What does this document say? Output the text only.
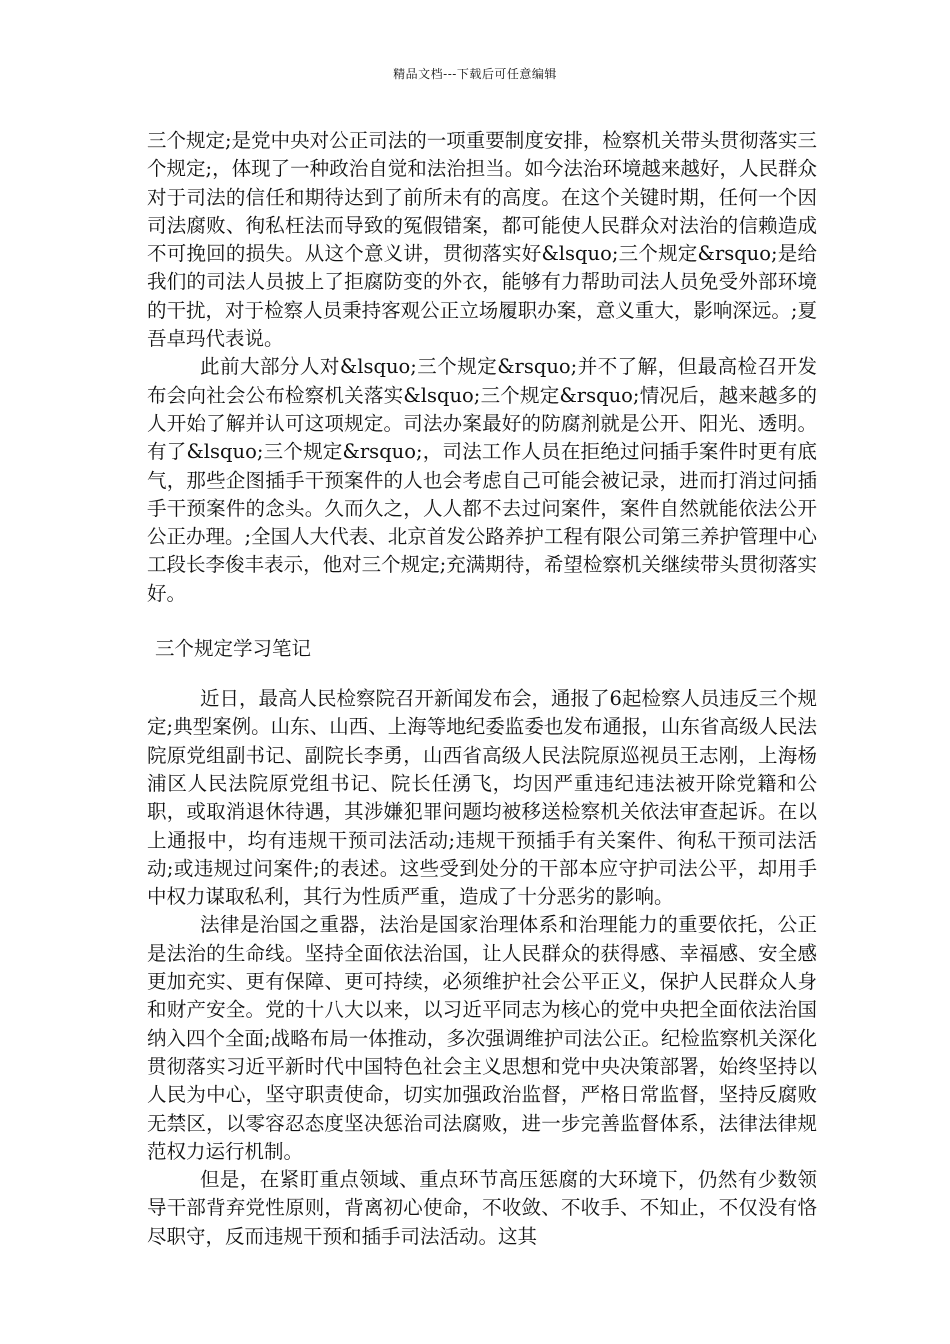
精品文档---下载后可任意编辑

三个规定;是党中央对公正司法的一项重要制度安排，检察机关带头贯彻落实三个规定;，体现了一种政治自觉和法治担当。如今法治环境越来越好，人民群众对于司法的信任和期待达到了前所未有的高度。在这个关键时期，任何一个因司法腐败、徇私枉法而导致的冤假错案，都可能使人民群众对法治的信赖造成不可挽回的损失。从这个意义讲，贯彻落实好&lsquo;三个规定&rsquo;是给我们的司法人员披上了拒腐防变的外衣，能够有力帮助司法人员免受外部环境的干扰，对于检察人员秉持客观公正立场履职办案，意义重大，影响深远。;夏吾卓玛代表说。

此前大部分人对&lsquo;三个规定&rsquo;并不了解，但最高检召开发布会向社会公布检察机关落实&lsquo;三个规定&rsquo;情况后，越来越多的人开始了解并认可这项规定。司法办案最好的防腐剂就是公开、阳光、透明。有了&lsquo;三个规定&rsquo;，司法工作人员在拒绝过问插手案件时更有底气，那些企图插手干预案件的人也会考虑自己可能会被记录，进而打消过问插手干预案件的念头。久而久之，人人都不去过问案件，案件自然就能依法公开公正办理。;全国人大代表、北京首发公路养护工程有限公司第三养护管理中心工段长李俊丰表示，他对三个规定;充满期待，希望检察机关继续带头贯彻落实好。

三个规定学习笔记

近日，最高人民检察院召开新闻发布会，通报了6起检察人员违反三个规定;典型案例。山东、山西、上海等地纪委监委也发布通报，山东省高级人民法院原党组副书记、副院长李勇，山西省高级人民法院原巡视员王志刚，上海杨浦区人民法院原党组书记、院长任湧飞，均因严重违纪违法被开除党籍和公职，或取消退休待遇，其涉嫌犯罪问题均被移送检察机关依法审查起诉。在以上通报中，均有违规干预司法活动;违规干预插手有关案件、徇私干预司法活动;或违规过问案件;的表述。这些受到处分的干部本应守护司法公平，却用手中权力谋取私利，其行为性质严重，造成了十分恶劣的影响。

法律是治国之重器，法治是国家治理体系和治理能力的重要依托，公正是法治的生命线。坚持全面依法治国，让人民群众的获得感、幸福感、安全感更加充实、更有保障、更可持续，必须维护社会公平正义，保护人民群众人身和财产安全。党的十八大以来，以习近平同志为核心的党中央把全面依法治国纳入四个全面;战略布局一体推动，多次强调维护司法公正。纪检监察机关深化贯彻落实习近平新时代中国特色社会主义思想和党中央决策部署，始终坚持以人民为中心，坚守职责使命，切实加强政治监督，严格日常监督，坚持反腐败无禁区，以零容忍态度坚决惩治司法腐败，进一步完善监督体系，法律法律规范权力运行机制。

但是，在紧盯重点领域、重点环节高压惩腐的大环境下，仍然有少数领导干部背弃党性原则，背离初心使命，不收敛、不收手、不知止，不仅没有恪尽职守，反而违规干预和插手司法活动。这其
